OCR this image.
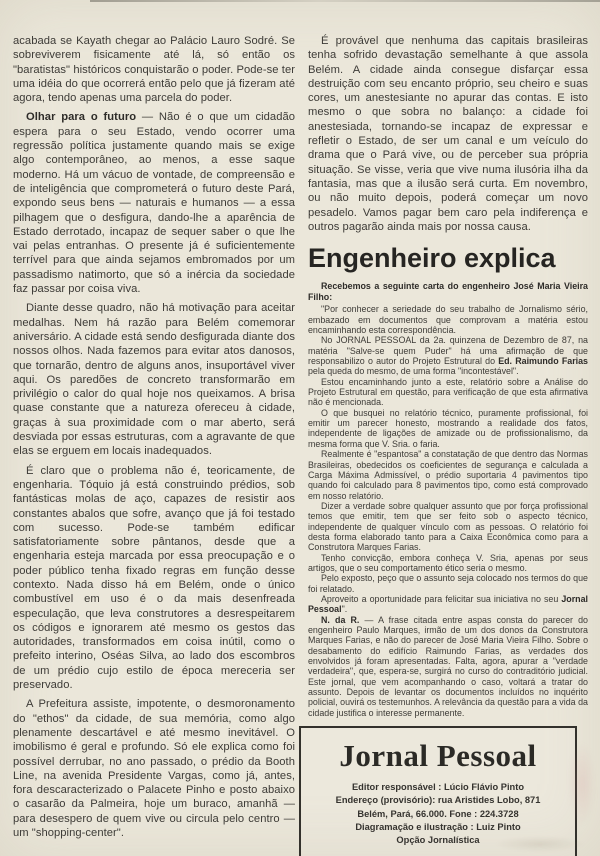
acabada se Kayath chegar ao Palácio Lauro Sodré. Se sobreviverem fisicamente até lá, só então os "baratistas" históricos conquistarão o poder. Pode-se ter uma idéia do que ocorrerá então pelo que já fizeram até agora, tendo apenas uma parcela do poder.

Olhar para o futuro — Não é o que um cidadão espera para o seu Estado, vendo ocorrer uma regressão política justamente quando mais se exige algo contemporâneo, ao menos, a esse saque moderno. Há um vácuo de vontade, de compreensão e de inteligência que comprometerá o futuro deste Pará, expondo seus bens — naturais e humanos — a essa pilhagem que o desfigura, dando-lhe a aparência de Estado derrotado, incapaz de sequer saber o que lhe vai pelas entranhas. O presente já é suficientemente terrível para que ainda sejamos embromados por um passadismo natimorto, que só a inércia da sociedade faz passar por coisa viva.

Diante desse quadro, não há motivação para aceitar medalhas. Nem há razão para Belém comemorar aniversário. A cidade está sendo desfigurada diante dos nossos olhos. Nada fazemos para evitar atos danosos, que tornarão, dentro de alguns anos, insuportável viver aqui. Os paredões de concreto transformarão em privilégio o calor do qual hoje nos queixamos. A brisa quase constante que a natureza ofereceu à cidade, graças à sua proximidade com o mar aberto, será desviada por essas estruturas, com a agravante de que elas se erguem em locais inadequados.

É claro que o problema não é, teoricamente, de engenharia. Tóquio já está construindo prédios, sob fantásticas molas de aço, capazes de resistir aos constantes abalos que sofre, avanço que já foi testado com sucesso. Pode-se também edificar satisfatoriamente sobre pântanos, desde que a engenharia esteja marcada por essa preocupação e o poder público tenha fixado regras em função desse contexto. Nada disso há em Belém, onde o único combustível em uso é o da mais desenfreada especulação, que leva construtores a desrespeitarem os códigos e ignorarem até mesmo os gestos das autoridades, transformados em coisa inútil, como o prefeito interino, Oséas Silva, ao lado dos escombros de um prédio cujo estilo de época mereceria ser preservado.

A Prefeitura assiste, impotente, o desmoronamento do "ethos" da cidade, de sua memória, como algo plenamente descartável e até mesmo inevitável. O imobilismo é geral e profundo. Só ele explica como foi possível derrubar, no ano passado, o prédio da Booth Line, na avenida Presidente Vargas, como já, antes, fora descaracterizado o Palacete Pinho e posto abaixo o casarão da Palmeira, hoje um buraco, amanhã — para desespero de quem vive ou circula pelo centro — um "shopping-center".

É provável que nenhuma das capitais brasileiras tenha sofrido devastação semelhante à que assola Belém. A cidade ainda consegue disfarçar essa destruição com seu encanto próprio, seu cheiro e suas cores, um anestesiante no apurar das contas. E isto mesmo o que sobra no balanço: a cidade foi anestesiada, tornando-se incapaz de expressar e refletir o Estado, de ser um canal e um veículo do drama que o Pará vive, ou de perceber sua própria situação. Se visse, veria que vive numa ilusória ilha da fantasia, mas que a ilusão será curta. Em novembro, ou não muito depois, poderá começar um novo pesadelo. Vamos pagar bem caro pela indiferença e outros pagarão ainda mais por nossa causa.

Engenheiro explica

Recebemos a seguinte carta do engenheiro José Maria Vieira Filho:

"Por conhecer a seriedade do seu trabalho de Jornalismo sério, embazado em documentos que comprovam a matéria estou encaminhando esta correspondência.

No JORNAL PESSOAL da 2a. quinzena de Dezembro de 87, na matéria "Salve-se quem Puder" há uma afirmação de que responsabilizo o autor do Projeto Estrutural do Ed. Raimundo Farias pela queda do mesmo, de uma forma "incontestável".

Estou encaminhando junto a este, relatório sobre a Análise do Projeto Estrutural em questão, para verificação de que esta afirmativa não é mencionada.

O que busquei no relatório técnico, puramente profissional, foi emitir um parecer honesto, mostrando a realidade dos fatos, independente de ligações de amizade ou de profissionalismo, da mesma forma que V. Sria. o faria.

Realmente é "espantosa" a constatação de que dentro das Normas Brasileiras, obedecidos os coeficientes de segurança e calculada a Carga Máxima Admissível, o prédio suportaria 4 pavimentos tipo quando foi calculado para 8 pavimentos tipo, como está comprovado em nosso relatório.

Dizer a verdade sobre qualquer assunto que por força profissional temos que emitir, tem que ser feito sob o aspecto técnico, independente de qualquer vínculo com as pessoas. O relatório foi desta forma elaborado tanto para a Caixa Econômica como para a Construtora Marques Farias.

Tenho convicção, embora conheça V. Sria, apenas por seus artigos, que o seu comportamento ético seria o mesmo.

Pelo exposto, peço que o assunto seja colocado nos termos do que foi relatado.

Aproveito a oportunidade para felicitar sua iniciativa no seu Jornal Pessoal".

N. da R. — A frase citada entre aspas consta do parecer do engenheiro Paulo Marques, irmão de um dos donos da Construtora Marques Farias, e não do parecer de José Maria Vieira Filho. Sobre o desabamento do edifício Raimundo Farias, as verdades dos envolvidos já foram apresentadas. Falta, agora, apurar a "verdade verdadeira", que, espera-se, surgirá no curso do contraditório judicial. Este jornal, que vem acompanhando o caso, voltará a tratar do assunto. Depois de levantar os documentos incluídos no inquérito policial, ouvirá os testemunhos. A relevância da questão para a vida da cidade justifica o interesse permanente.

Jornal Pessoal
Editor responsável : Lúcio Flávio Pinto
Endereço (provisório): rua Aristides Lobo, 871
Belém, Pará, 66.000. Fone : 224.3728
Diagramação e ilustração : Luiz Pinto
Opção Jornalística
